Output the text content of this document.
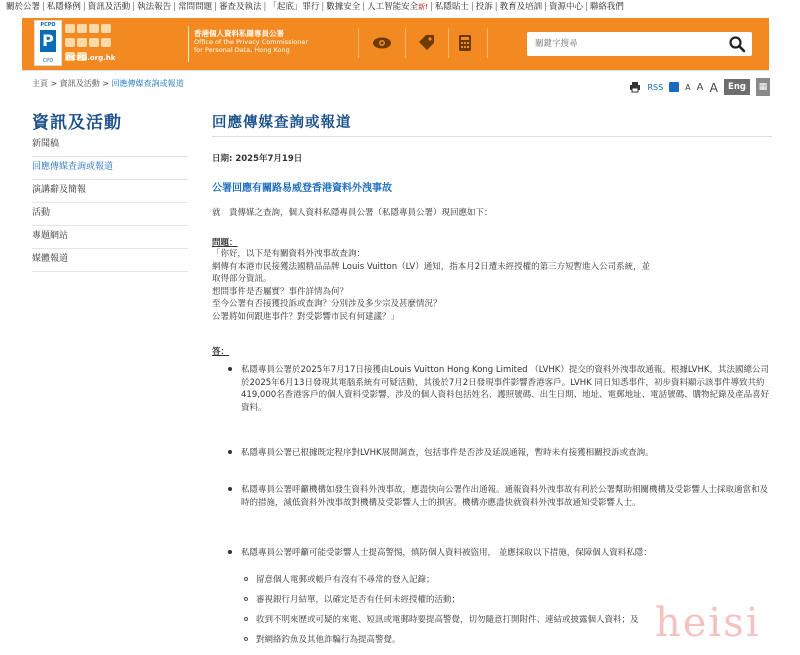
關於公署 | 私隱條例 | 資訊及活動 | 執法報告 | 常問問題 | 審查及執法 | 「起底」罪行 | 數據安全 | 人工智能安全新! | 私隱貼士 | 投訴 | 教育及培訓 | 資源中心 | 聯絡我們
PCPD
P
CPD	PCPD.org.hk
香港個人資料私隱專員公署
Office of the Privacy Commissioner
for Personal Data, Hong Kong
關鍵字搜尋
主頁 > 資訊及活動 > 回應傳媒查詢或報道	RSS	A A A	Eng	▦
資訊及活動
新聞稿
回應傳媒查詢或報道
演講辭及簡報
活動
專題網站
媒體報道
回應傳媒查詢或報道
日期: 2025年7月19日
公署回應有關路易威登香港資料外洩事故
就　貴傳媒之查詢，個人資料私隱專員公署（私隱專員公署）現回應如下：
問題：
「你好，以下是有關資料外洩事故查詢：
網傳有本港市民接獲法國精品品牌 Louis Vuitton（LV）通知，指本月2日遭未經授權的第三方短暫進入公司系統，並
取得部分資訊。
想問事件是否屬實？事件詳情為何？
至今公署有否接獲投訴或查詢？分別涉及多少宗及甚麼情況？
公署將如何跟進事件？對受影響市民有何建議？」
答：
私隱專員公署於2025年7月17日接獲由Louis Vuitton Hong Kong Limited （LVHK）提交的資料外洩事故通報。根據LVHK，其法國總公司於2025年6月13日發現其電腦系統有可疑活動，其後於7月2日發現事件影響香港客戶。LVHK 同日知悉事件，初步資料顯示該事件導致共約419,000名香港客戶的個人資料受影響，涉及的個人資料包括姓名、護照號碼、出生日期、地址、電郵地址、電話號碼、購物紀錄及產品喜好資料。
私隱專員公署已根據既定程序對LVHK展開調查，包括事件是否涉及延誤通報，暫時未有接獲相關投訴或查詢。
私隱專員公署呼籲機構如發生資料外洩事故，應盡快向公署作出通報。通報資料外洩事故有利於公署幫助相關機構及受影響人士採取適當和及時的措施，減低資料外洩事故對機構及受影響人士的損害。機構亦應盡快就資料外洩事故通知受影響人士。
私隱專員公署呼籲可能受影響人士提高警惕，慎防個人資料被盜用， 並應採取以下措施，保障個人資料私隱：
留意個人電郵或帳戶有沒有不尋常的登入記錄；
審視銀行月結單，以確定是否有任何未經授權的活動；
收到不明來歷或可疑的來電、短訊或電郵時要提高警覺，切勿隨意打開附件、連結或披露個人資料；及
對網絡釣魚及其他詐騙行為提高警覺。	heisi
